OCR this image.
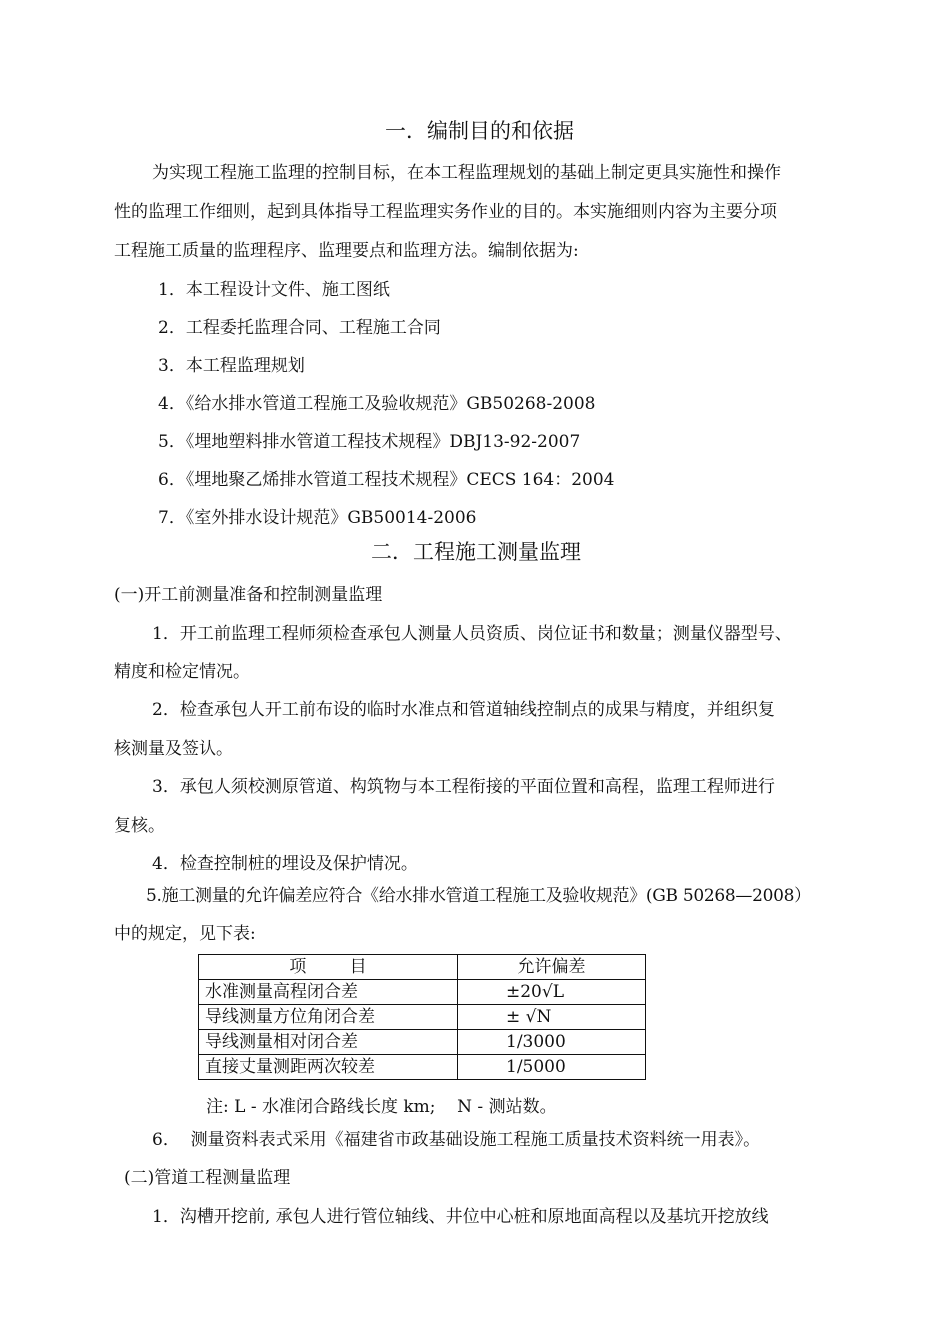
一．编制目的和依据
为实现工程施工监理的控制目标，在本工程监理规划的基础上制定更具实施性和操作
性的监理工作细则，起到具体指导工程监理实务作业的目的。本实施细则内容为主要分项
工程施工质量的监理程序、监理要点和监理方法。编制依据为:
1．本工程设计文件、施工图纸
2．工程委托监理合同、工程施工合同
3．本工程监理规划
4．《给水排水管道工程施工及验收规范》GB50268-2008
5．《埋地塑料排水管道工程技术规程》DBJ13-92-2007
6．《埋地聚乙烯排水管道工程技术规程》CECS 164：2004
7．《室外排水设计规范》GB50014-2006
二．工程施工测量监理
(一)开工前测量准备和控制测量监理
1．开工前监理工程师须检查承包人测量人员资质、岗位证书和数量；测量仪器型号、
精度和检定情况。
2．检查承包人开工前布设的临时水准点和管道轴线控制点的成果与精度，并组织复
核测量及签认。
3．承包人须校测原管道、构筑物与本工程衔接的平面位置和高程，监理工程师进行
复核。
4．检查控制桩的埋设及保护情况。
5.施工测量的允许偏差应符合《给水排水管道工程施工及验收规范》(GB 50268—2008）
中的规定，见下表:
项        目	允许偏差
水准测量高程闭合差	±20√L
导线测量方位角闭合差	± √N
导线测量相对闭合差	1/3000
直接丈量测距两次较差	1/5000
注: L - 水准闭合路线长度 km;    N - 测站数。
6．  测量资料表式采用《福建省市政基础设施工程施工质量技术资料统一用表》。
(二)管道工程测量监理
1．沟槽开挖前, 承包人进行管位轴线、井位中心桩和原地面高程以及基坑开挖放线
